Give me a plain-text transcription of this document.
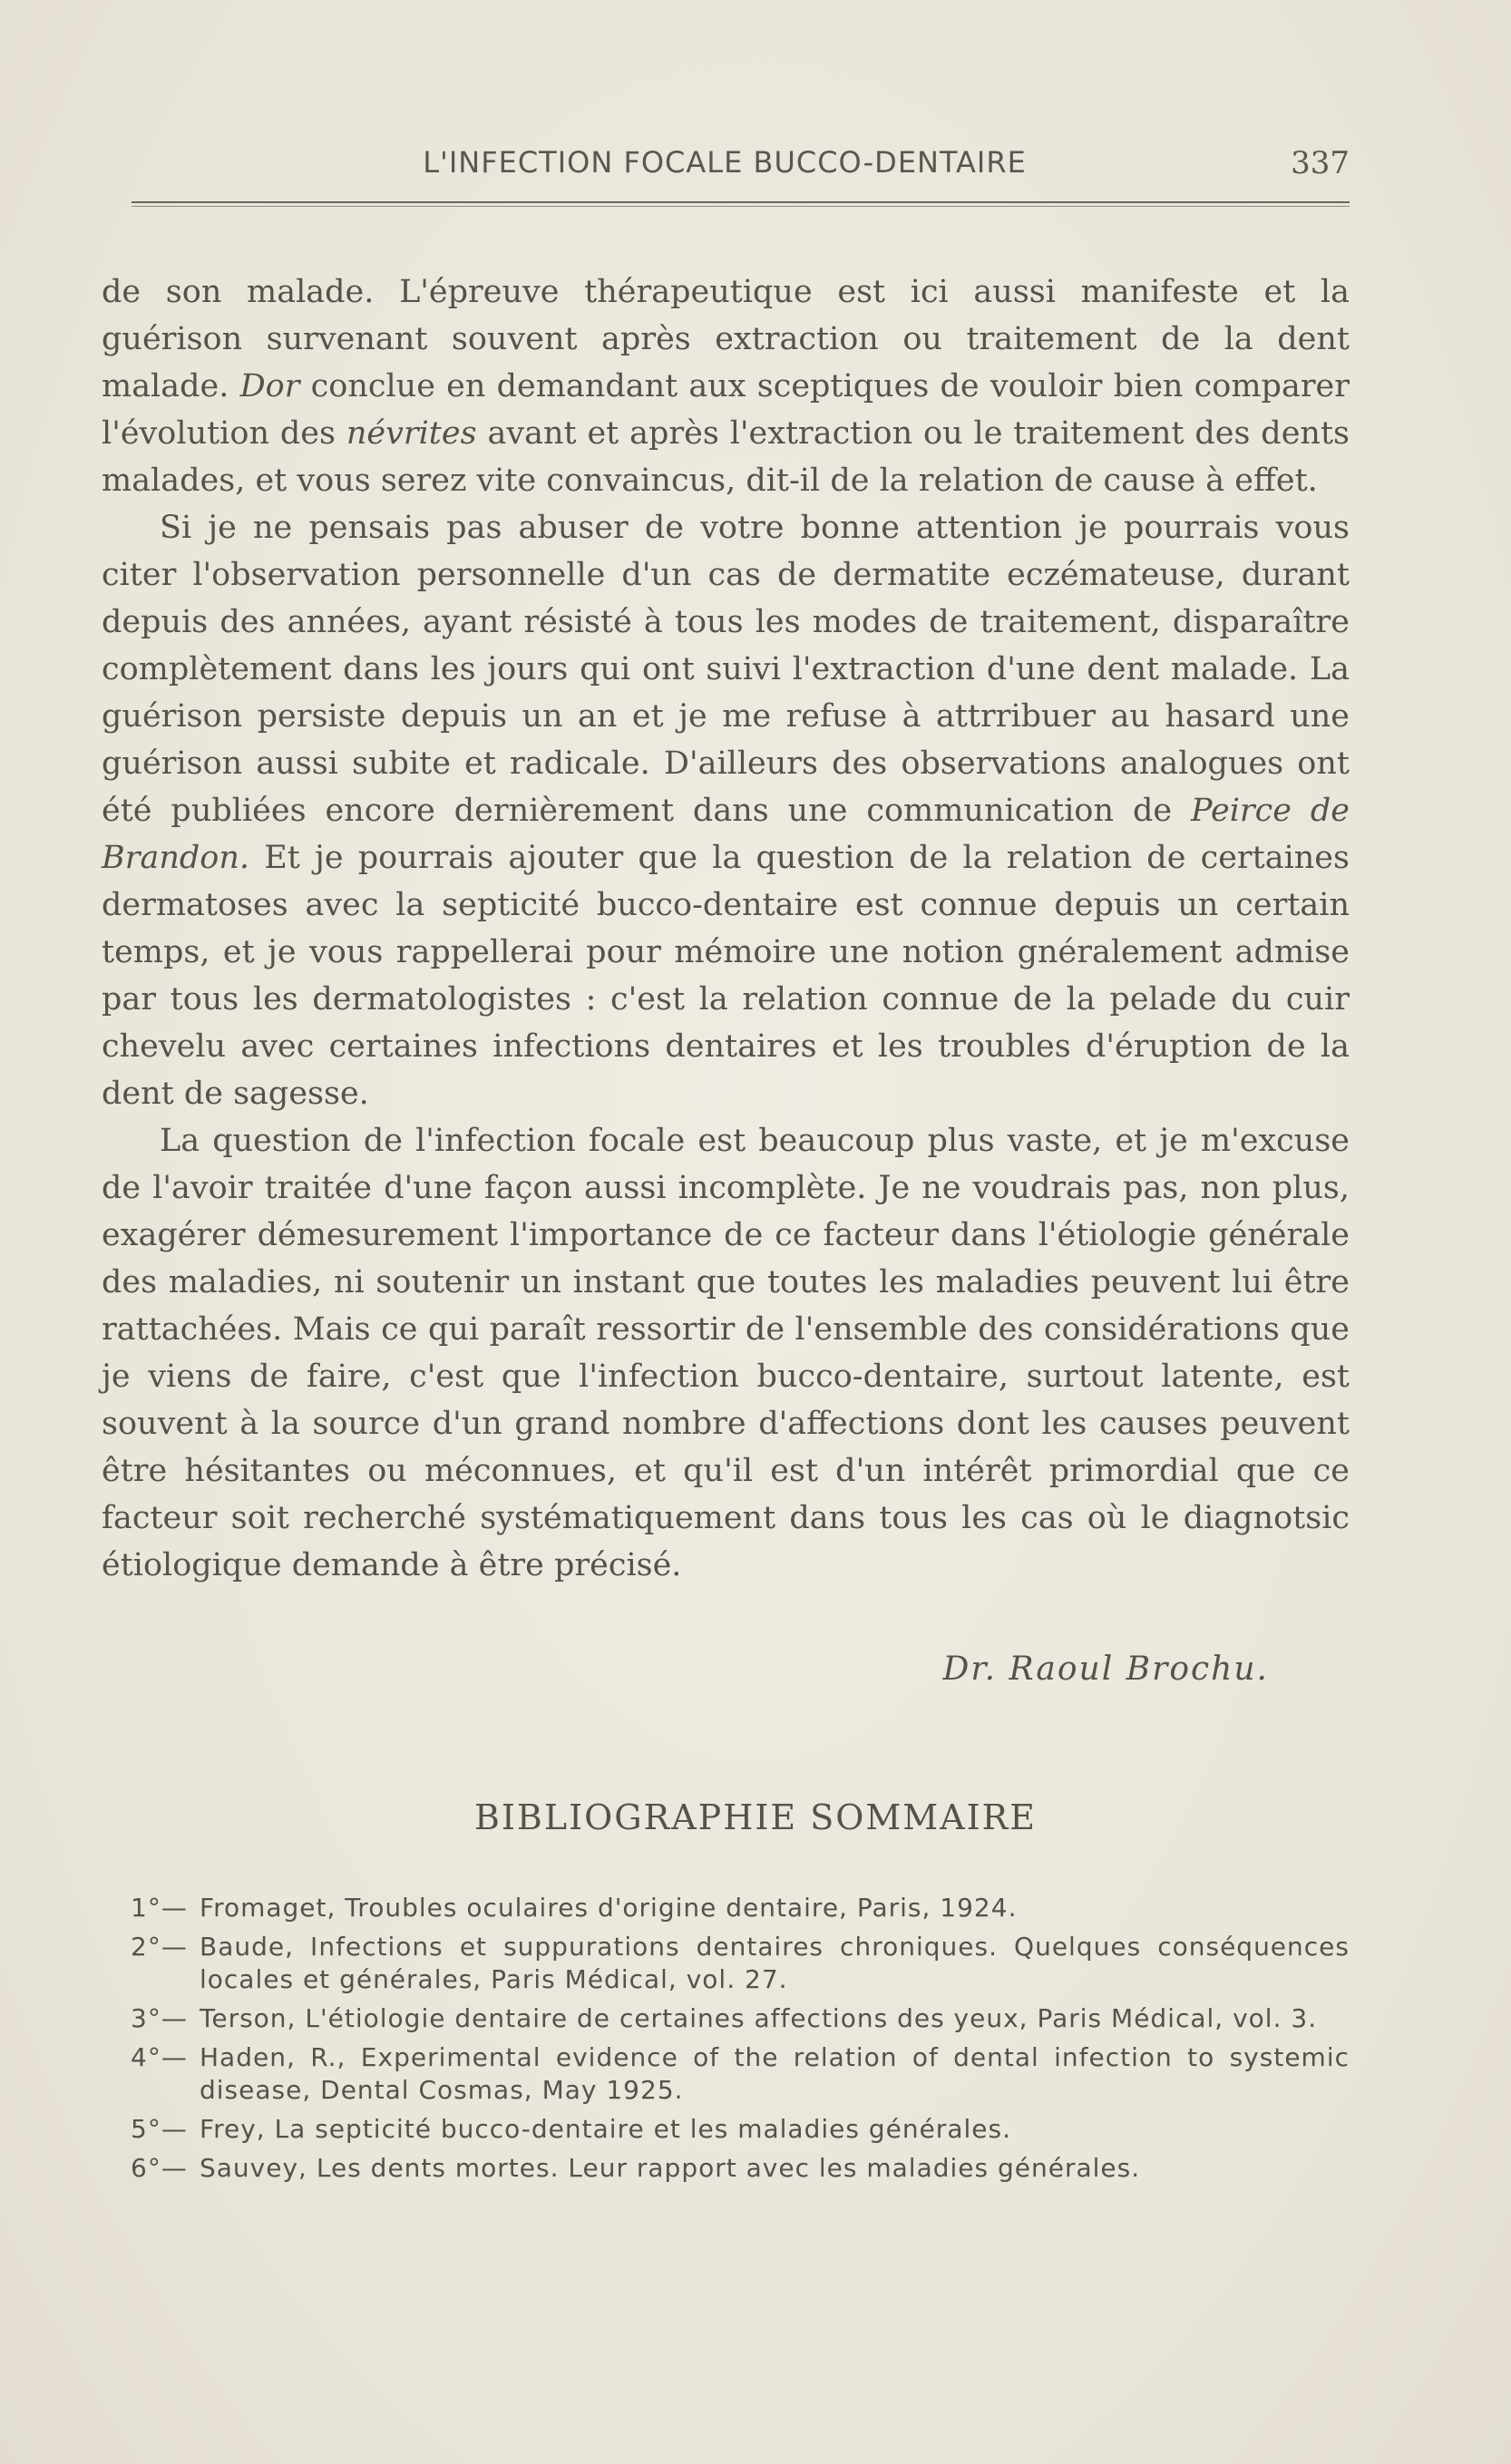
L'INFECTION FOCALE BUCCO-DENTAIRE	337

de son malade. L'épreuve thérapeutique est ici aussi manifeste et la guérison survenant souvent après extraction ou traitement de la dent malade. Dor conclue en demandant aux sceptiques de vouloir bien comparer l'évolution des névrites avant et après l'extraction ou le traitement des dents malades, et vous serez vite convaincus, dit-il de la relation de cause à effet.

Si je ne pensais pas abuser de votre bonne attention je pourrais vous citer l'observation personnelle d'un cas de dermatite eczémateuse, durant depuis des années, ayant résisté à tous les modes de traitement, disparaître complètement dans les jours qui ont suivi l'extraction d'une dent malade. La guérison persiste depuis un an et je me refuse à attrribuer au hasard une guérison aussi subite et radicale. D'ailleurs des observations analogues ont été publiées encore dernièrement dans une communication de Peirce de Brandon. Et je pourrais ajouter que la question de la relation de certaines dermatoses avec la septicité bucco-dentaire est connue depuis un certain temps, et je vous rappellerai pour mémoire une notion gnéralement admise par tous les dermatologistes : c'est la relation connue de la pelade du cuir chevelu avec certaines infections dentaires et les troubles d'éruption de la dent de sagesse.

La question de l'infection focale est beaucoup plus vaste, et je m'excuse de l'avoir traitée d'une façon aussi incomplète. Je ne voudrais pas, non plus, exagérer démesurement l'importance de ce facteur dans l'étiologie générale des maladies, ni soutenir un instant que toutes les maladies peuvent lui être rattachées. Mais ce qui paraît ressortir de l'ensemble des considérations que je viens de faire, c'est que l'infection bucco-dentaire, surtout latente, est souvent à la source d'un grand nombre d'affections dont les causes peuvent être hésitantes ou méconnues, et qu'il est d'un intérêt primordial que ce facteur soit recherché systématiquement dans tous les cas où le diagnotsic étiologique demande à être précisé.

Dr. Raoul Brochu.
BIBLIOGRAPHIE SOMMAIRE
1°— Fromaget, Troubles oculaires d'origine dentaire, Paris, 1924.
2°— Baude, Infections et suppurations dentaires chroniques. Quelques conséquences locales et générales, Paris Médical, vol. 27.
3°— Terson, L'étiologie dentaire de certaines affections des yeux, Paris Médical, vol. 3.
4°— Haden, R., Experimental evidence of the relation of dental infection to systemic disease, Dental Cosmas, May 1925.
5°— Frey, La septicité bucco-dentaire et les maladies générales.
6°— Sauvey, Les dents mortes. Leur rapport avec les maladies générales.
